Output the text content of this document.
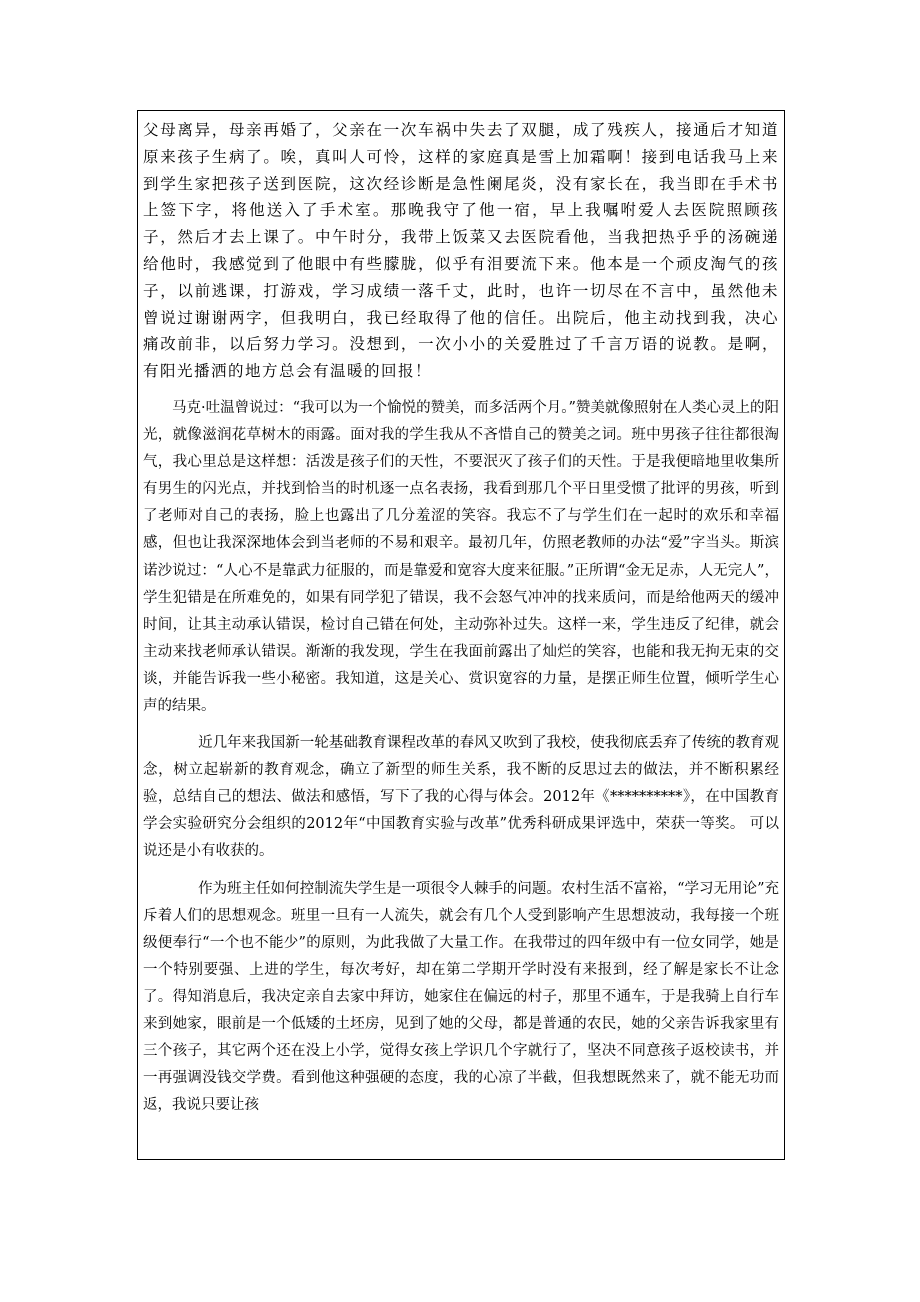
父母离异，母亲再婚了，父亲在一次车祸中失去了双腿，成了残疾人，接通后才知道原来孩子生病了。唉，真叫人可怜，这样的家庭真是雪上加霜啊！接到电话我马上来到学生家把孩子送到医院，这次经诊断是急性阑尾炎，没有家长在，我当即在手术书上签下字，将他送入了手术室。那晚我守了他一宿，早上我嘱咐爱人去医院照顾孩子，然后才去上课了。中午时分，我带上饭菜又去医院看他，当我把热乎乎的汤碗递给他时，我感觉到了他眼中有些朦胧，似乎有泪要流下来。他本是一个顽皮淘气的孩子，以前逃课，打游戏，学习成绩一落千丈，此时，也许一切尽在不言中，虽然他未曾说过谢谢两字，但我明白，我已经取得了他的信任。出院后，他主动找到我，决心痛改前非，以后努力学习。没想到，一次小小的关爱胜过了千言万语的说教。是啊，有阳光播洒的地方总会有温暖的回报！

马克·吐温曾说过：“我可以为一个愉悦的赞美，而多活两个月。”赞美就像照射在人类心灵上的阳光，就像滋润花草树木的雨露。面对我的学生我从不吝惜自己的赞美之词。班中男孩子往往都很淘气，我心里总是这样想：活泼是孩子们的天性，不要泯灭了孩子们的天性。于是我便暗地里收集所有男生的闪光点，并找到恰当的时机逐一点名表扬，我看到那几个平日里受惯了批评的男孩，听到了老师对自己的表扬，脸上也露出了几分羞涩的笑容。我忘不了与学生们在一起时的欢乐和幸福感，但也让我深深地体会到当老师的不易和艰辛。最初几年，仿照老教师的办法“爱”字当头。斯滨诺沙说过：“人心不是靠武力征服的，而是靠爱和宽容大度来征服。”正所谓“金无足赤，人无完人”，学生犯错是在所难免的，如果有同学犯了错误，我不会怒气冲冲的找来质问，而是给他两天的缓冲时间，让其主动承认错误，检讨自己错在何处，主动弥补过失。这样一来，学生违反了纪律，就会主动来找老师承认错误。渐渐的我发现，学生在我面前露出了灿烂的笑容，也能和我无拘无束的交谈，并能告诉我一些小秘密。我知道，这是关心、赏识宽容的力量，是摆正师生位置，倾听学生心声的结果。

近几年来我国新一轮基础教育课程改革的春风又吹到了我校，使我彻底丢弃了传统的教育观念，树立起崭新的教育观念，确立了新型的师生关系，我不断的反思过去的做法，并不断积累经验，总结自己的想法、做法和感悟，写下了我的心得与体会。2012年《**********》，在中国教育学会实验研究分会组织的2012年“中国教育实验与改革”优秀科研成果评选中，荣获一等奖。 可以说还是小有收获的。

作为班主任如何控制流失学生是一项很令人棘手的问题。农村生活不富裕，“学习无用论”充斥着人们的思想观念。班里一旦有一人流失，就会有几个人受到影响产生思想波动，我每接一个班级便奉行“一个也不能少”的原则，为此我做了大量工作。在我带过的四年级中有一位女同学，她是一个特别要强、上进的学生，每次考好，却在第二学期开学时没有来报到，经了解是家长不让念了。得知消息后，我决定亲自去家中拜访，她家住在偏远的村子，那里不通车，于是我骑上自行车来到她家，眼前是一个低矮的土坯房，见到了她的父母，都是普通的农民，她的父亲告诉我家里有三个孩子，其它两个还在没上小学，觉得女孩上学识几个字就行了，坚决不同意孩子返校读书，并一再强调没钱交学费。看到他这种强硬的态度，我的心凉了半截，但我想既然来了，就不能无功而返，我说只要让孩
